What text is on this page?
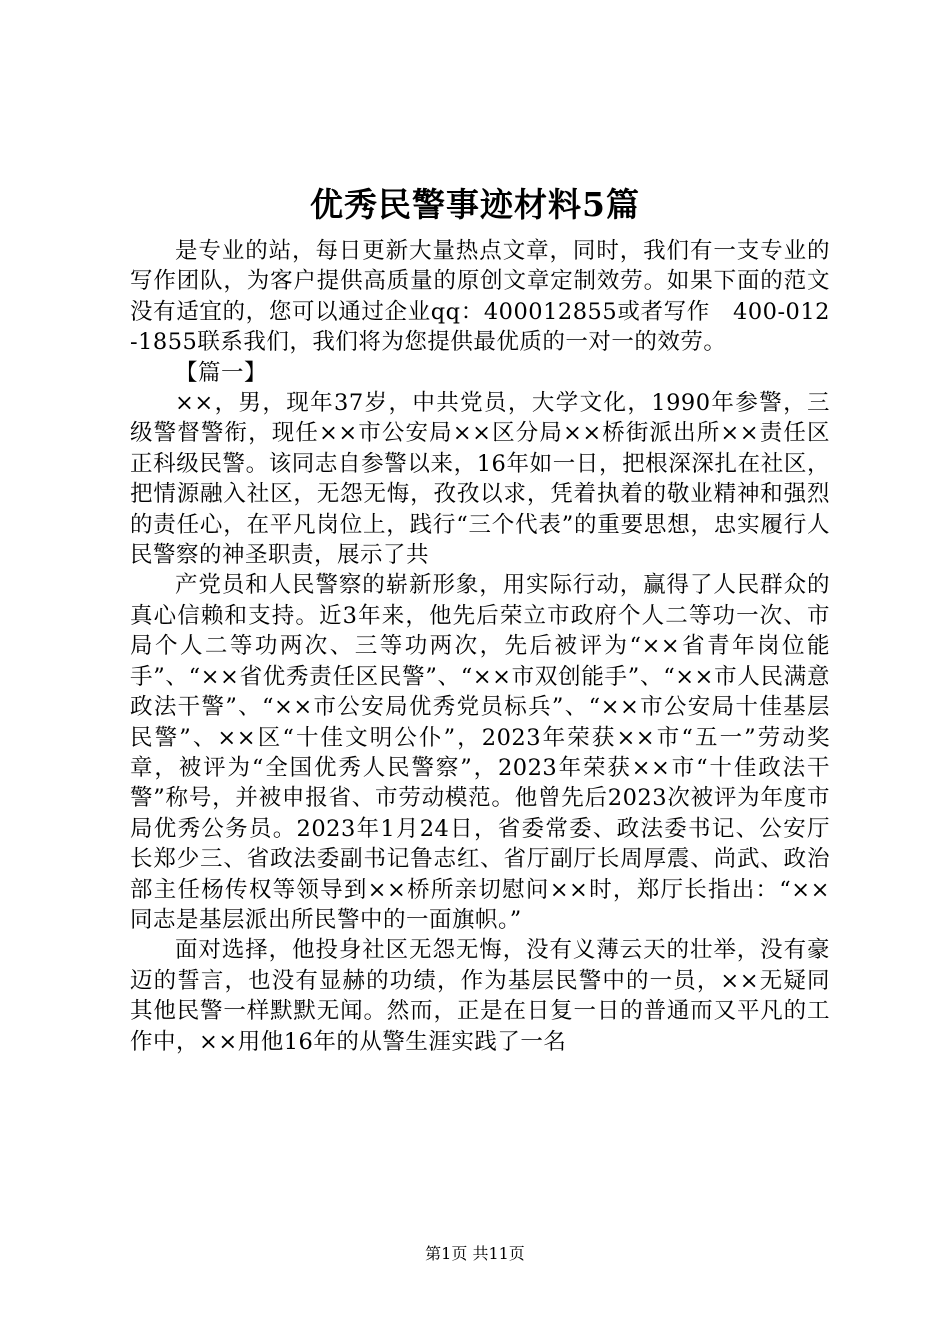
优秀民警事迹材料5篇

是专业的站，每日更新大量热点文章，同时，我们有一支专业的写作团队，为客户提供高质量的原创文章定制效劳。如果下面的范文没有适宜的，您可以通过企业qq：400012855或者写作　400-012-1855联系我们，我们将为您提供最优质的一对一的效劳。

【篇一】

××，男，现年37岁，中共党员，大学文化，1990年参警，三级警督警衔，现任××市公安局××区分局××桥街派出所××责任区正科级民警。该同志自参警以来，16年如一日，把根深深扎在社区，把情源融入社区，无怨无悔，孜孜以求，凭着执着的敬业精神和强烈的责任心，在平凡岗位上，践行“三个代表”的重要思想，忠实履行人民警察的神圣职责，展示了共

产党员和人民警察的崭新形象，用实际行动，赢得了人民群众的真心信赖和支持。近3年来，他先后荣立市政府个人二等功一次、市局个人二等功两次、三等功两次，先后被评为“××省青年岗位能手”、“××省优秀责任区民警”、“××市双创能手”、“××市人民满意政法干警”、“××市公安局优秀党员标兵”、“××市公安局十佳基层民警”、××区“十佳文明公仆”，2023年荣获××市“五一”劳动奖章，被评为“全国优秀人民警察”，2023年荣获××市“十佳政法干警”称号，并被申报省、市劳动模范。他曾先后2023次被评为年度市局优秀公务员。2023年1月24日，省委常委、政法委书记、公安厅长郑少三、省政法委副书记鲁志红、省厅副厅长周厚震、尚武、政治部主任杨传权等领导到××桥所亲切慰问××时，郑厅长指出：“××同志是基层派出所民警中的一面旗帜。”

面对选择，他投身社区无怨无悔，没有义薄云天的壮举，没有豪迈的誓言，也没有显赫的功绩，作为基层民警中的一员，××无疑同其他民警一样默默无闻。然而，正是在日复一日的普通而又平凡的工作中，××用他16年的从警生涯实践了一名

第1页 共11页
